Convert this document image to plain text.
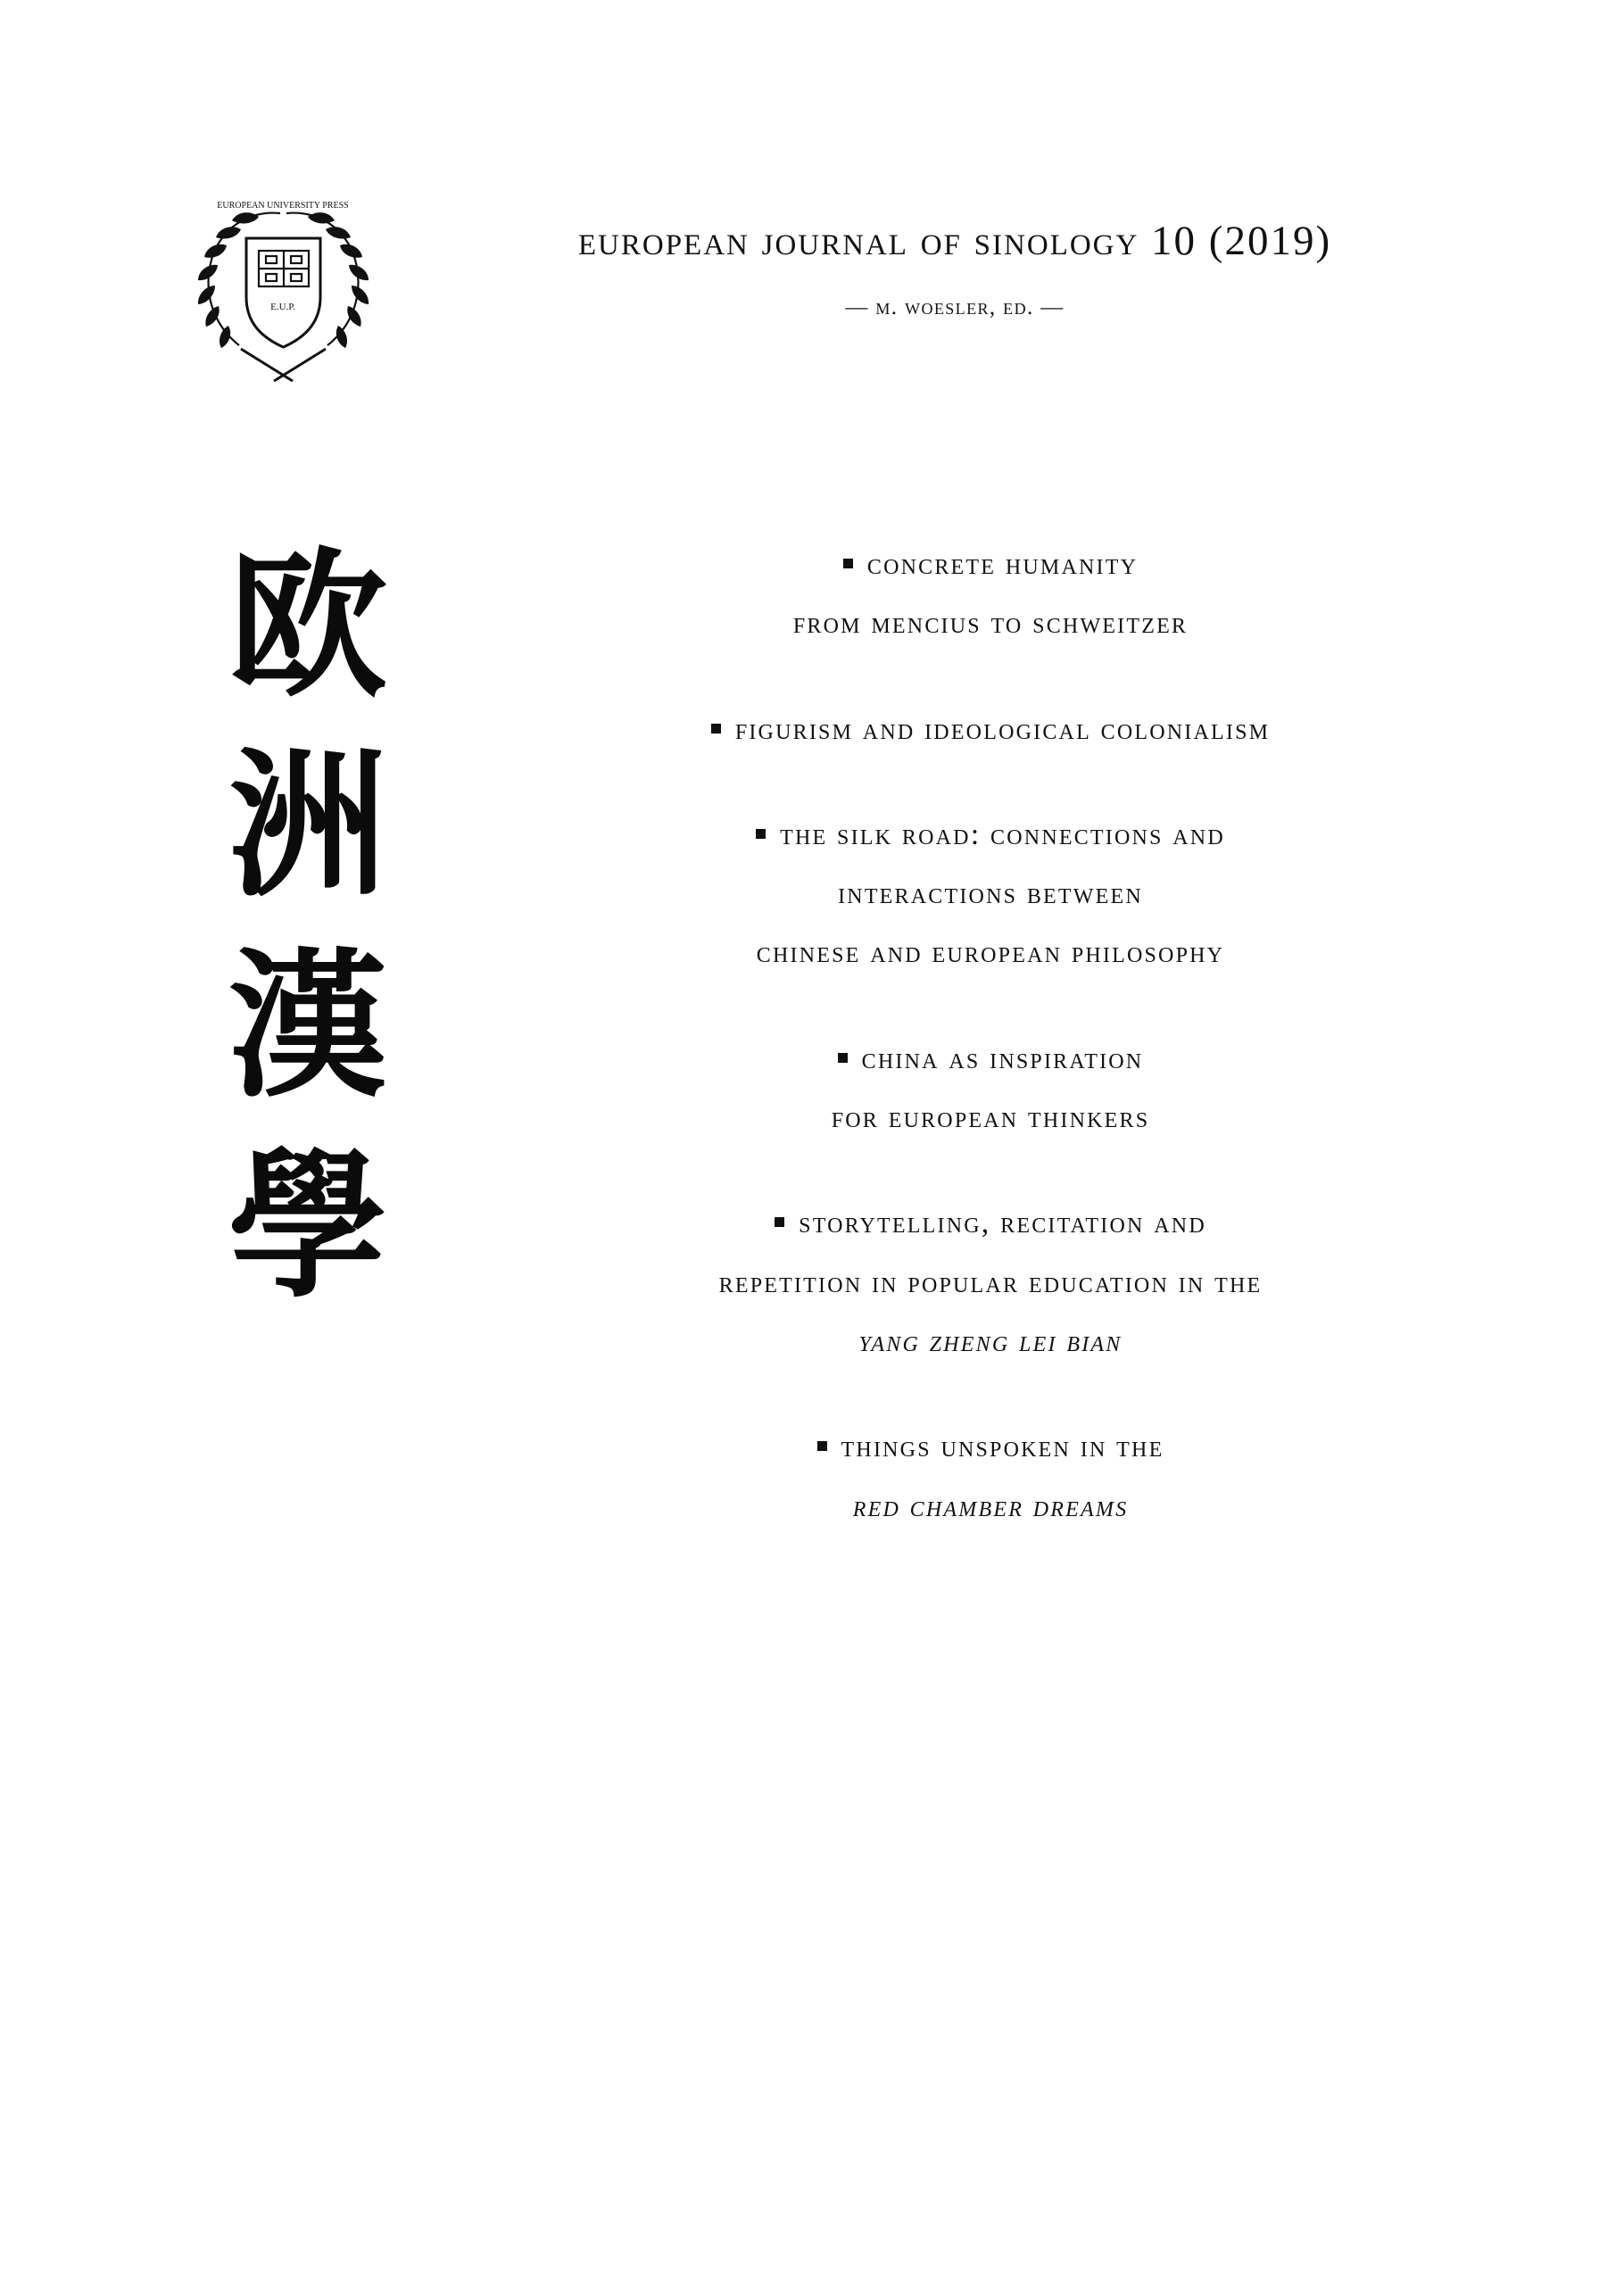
EUROPEAN UNIVERSITY PRESS
E.U.P.
european journal of sinology 10 (2019)
— m. woesler, ed. —
欧
洲
漢
學
concrete humanity
from mencius to schweitzer
figurism and ideological colonialism
the silk road: connections and
interactions between
chinese and european philosophy
china as inspiration
for european thinkers
storytelling, recitation and
repetition in popular education in the
yang zheng lei bian
things unspoken in the
red chamber dreams
